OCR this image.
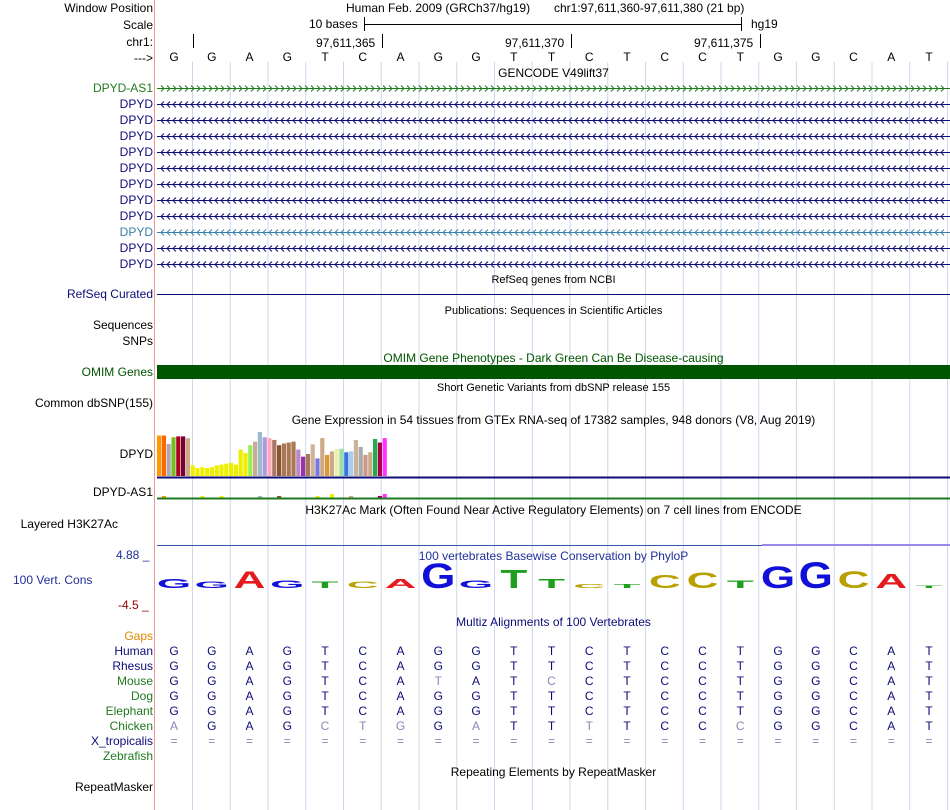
Window Position	Human Feb. 2009 (GRCh37/hg19) chr1:97,611,360-97,611,380 (21 bp)
Scale	10 bases	hg19
chr1:	97,611,365	97,611,370	97,611,375
--->	G	G	A	G	T	C	A	G	G	T	T	C	T	C	C	T	G	G	C	A	T
GENCODE V49lift37
DPYD-AS1
DPYD
DPYD
DPYD
DPYD
DPYD
DPYD
DPYD
DPYD
DPYD
DPYD
DPYD
RefSeq genes from NCBI
RefSeq Curated
Publications: Sequences in Scientific Articles
Sequences
SNPs
OMIM Gene Phenotypes - Dark Green Can Be Disease-causing
OMIM Genes
Short Genetic Variants from dbSNP release 155
Common dbSNP(155)
Gene Expression in 54 tissues from GTEx RNA-seq of 17382 samples, 948 donors (V8, Aug 2019)
DPYD
DPYD-AS1
H3K27Ac Mark (Often Found Near Active Regulatory Elements) on 7 cell lines from ENCODE
Layered H3K27Ac
100 vertebrates Basewise Conservation by PhyloP
4.88 _
100 Vert. Cons
-4.5 _
G G A G T C A G G T T C T C C T G G C A T
Multiz Alignments of 100 Vertebrates
Gaps
Human	G	G	A	G	T	C	A	G	G	T	T	C	T	C	C	T	G	G	C	A	T
Rhesus	G	G	A	G	T	C	A	G	G	T	T	C	T	C	C	T	G	G	C	A	T
Mouse	G	G	A	G	T	C	A	T	A	T	C	C	T	C	C	T	G	G	C	A	T
Dog	G	G	A	G	T	C	A	G	G	T	T	C	T	C	C	T	G	G	C	A	T
Elephant	G	G	A	G	T	C	A	G	G	T	T	C	T	C	C	T	G	G	C	A	T
Chicken	A	G	A	G	C	T	G	G	A	T	T	T	T	C	C	C	G	G	C	A	T
X_tropicalis	=	=	=	=	=	=	=	=	=	=	=	=	=	=	=	=	=	=	=	=	=
Zebrafish
Repeating Elements by RepeatMasker
RepeatMasker
